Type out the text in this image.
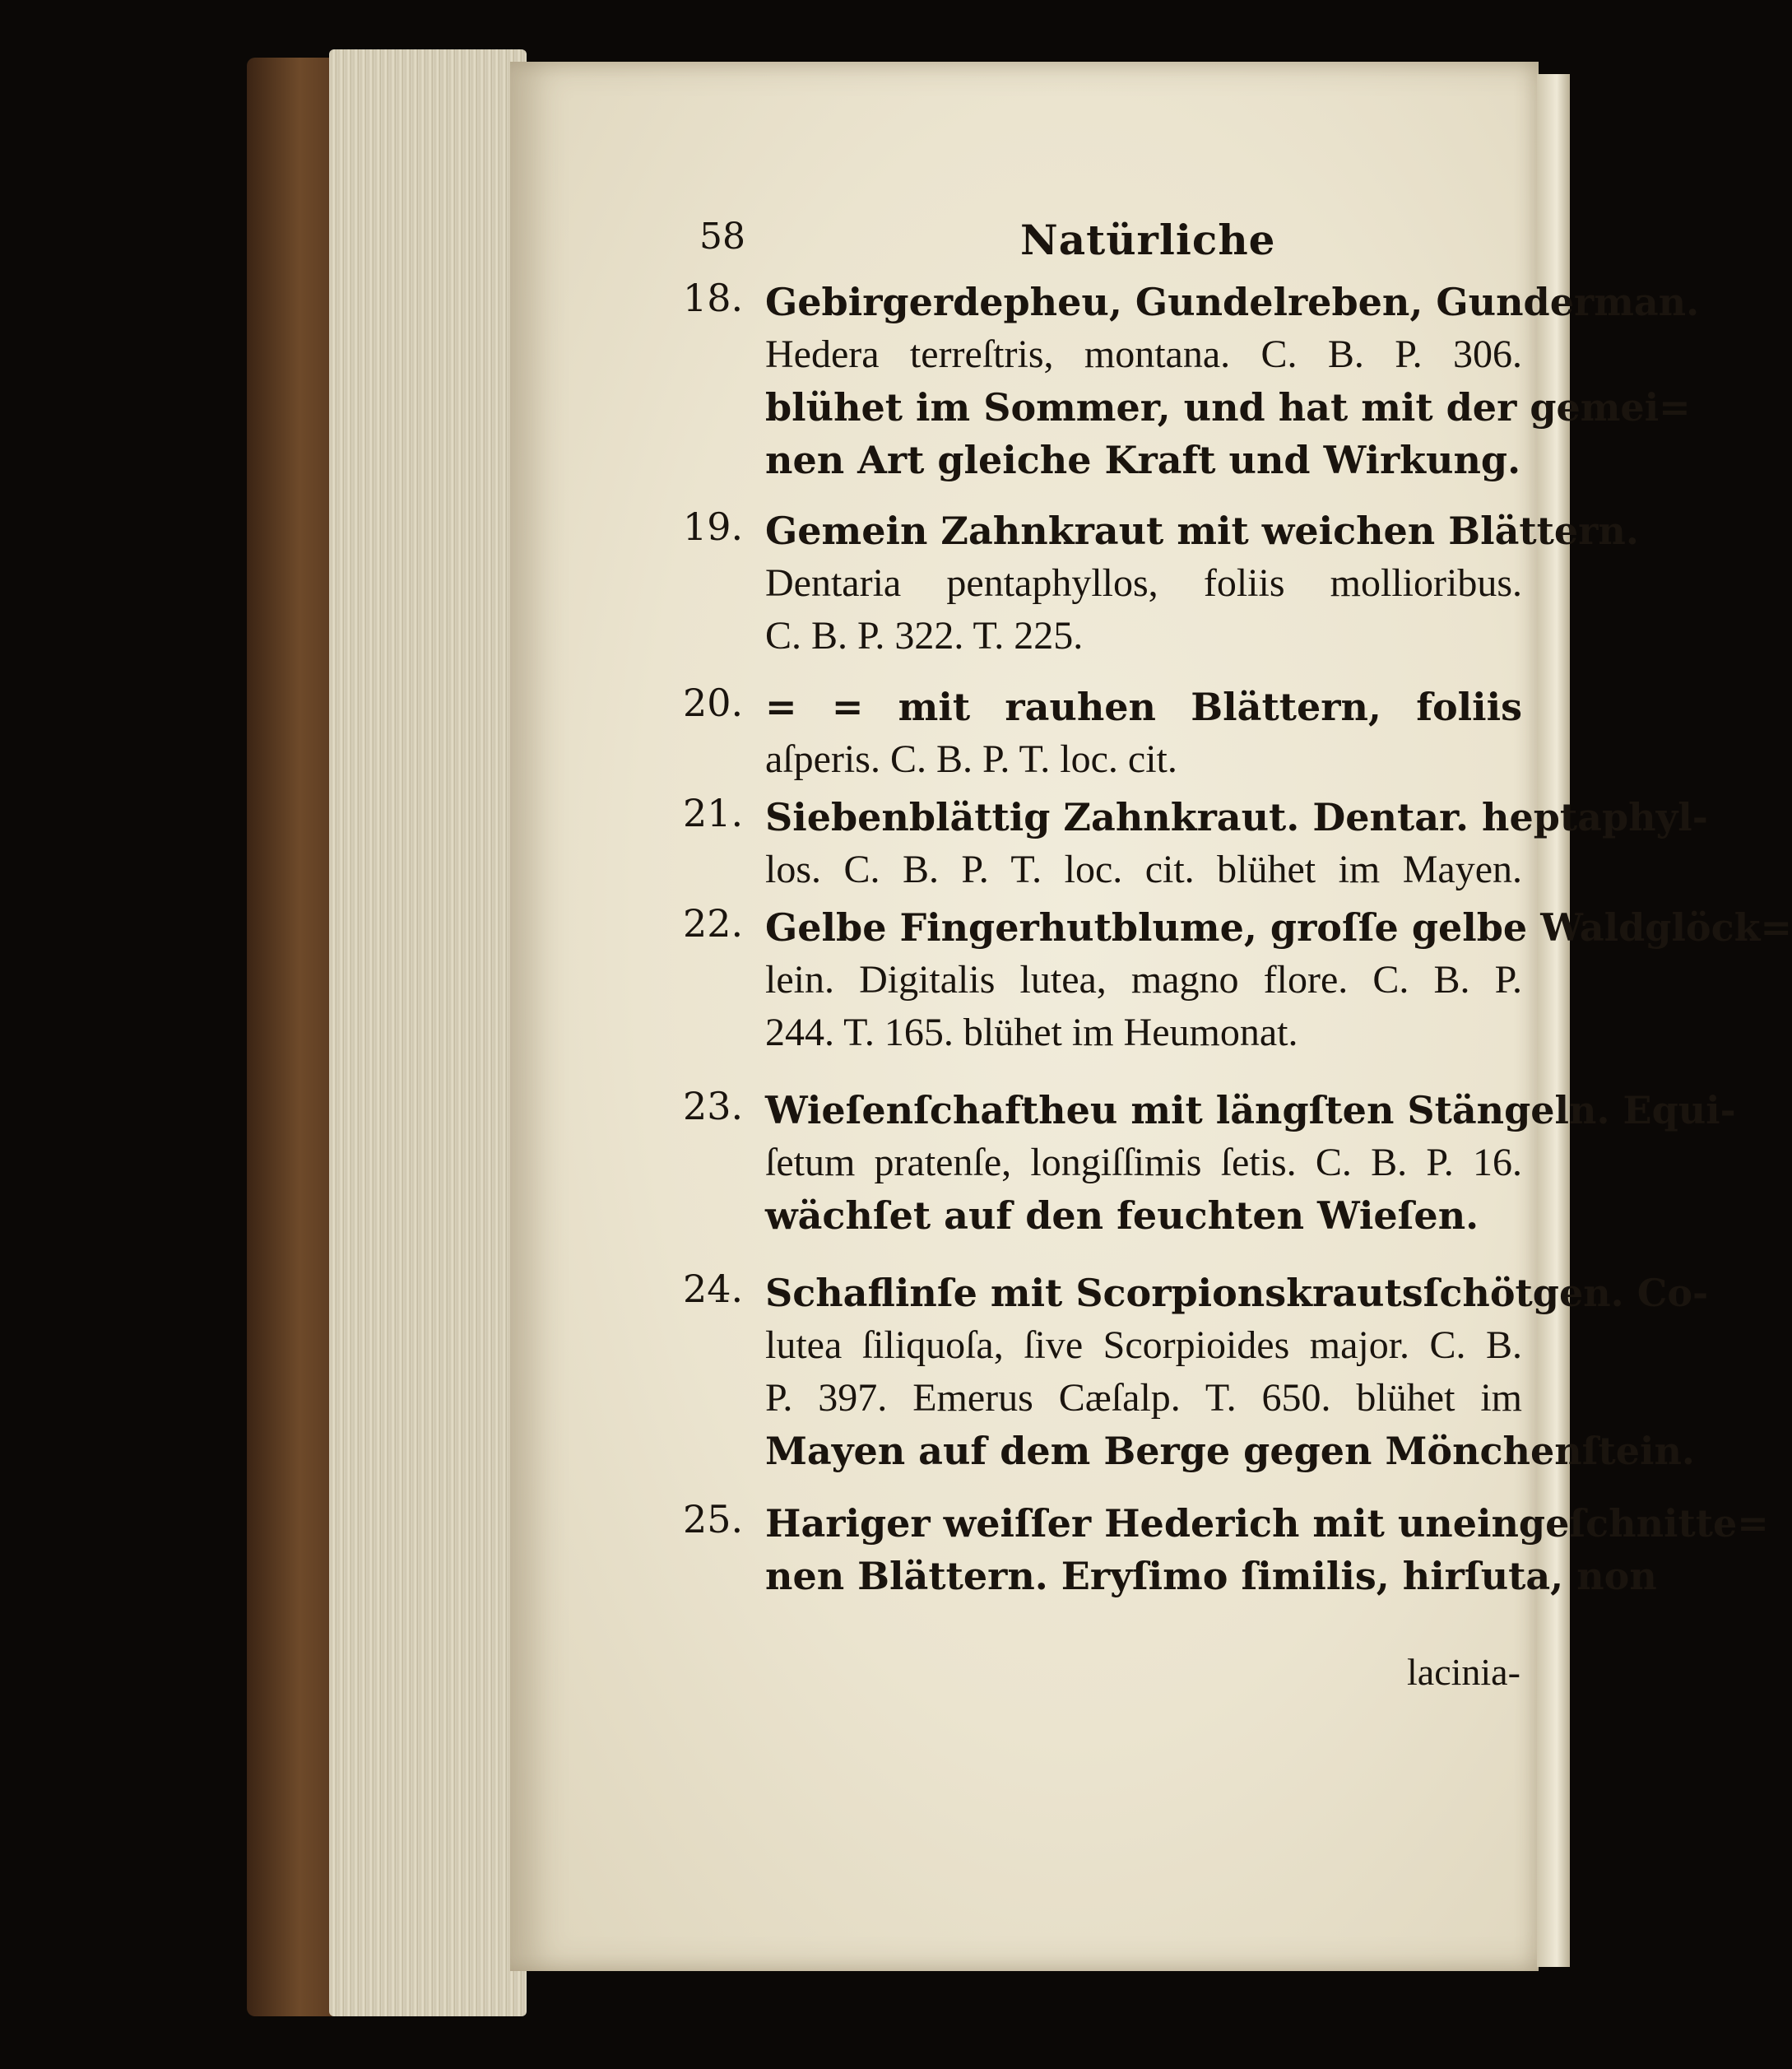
58	Natürliche
18. Gebirgerdepheu, Gundelreben, Gunderman.
Hedera terreſtris, montana. C. B. P. 306.
blühet im Sommer, und hat mit der gemei=
nen Art gleiche Kraft und Wirkung.
19. Gemein Zahnkraut mit weichen Blättern.
Dentaria pentaphyllos, foliis mollioribus.
C. B. P. 322. T. 225.
20. = = mit rauhen Blättern, foliis
aſperis. C. B. P. T. loc. cit.
21. Siebenblättig Zahnkraut. Dentar. heptaphyl-
los. C. B. P. T. loc. cit. blühet im Mayen.
22. Gelbe Fingerhutblume, groſſe gelbe Waldglöck=
lein. Digitalis lutea, magno flore. C. B. P.
244. T. 165. blühet im Heumonat.
23. Wieſenſchaftheu mit längſten Stängeln. Equi-
ſetum pratenſe, longiſſimis ſetis. C. B. P. 16.
wächſet auf den feuchten Wieſen.
24. Schaflinſe mit Scorpionskrautsſchötgen. Co-
lutea ſiliquoſa, ſive Scorpioides major. C. B.
P. 397. Emerus Cæſalp. T. 650. blühet im
Mayen auf dem Berge gegen Mönchenſtein.
25. Hariger weiſſer Hederich mit uneingeſchnitte=
nen Blättern. Eryſimo ſimilis, hirſuta, non
lacinia-
